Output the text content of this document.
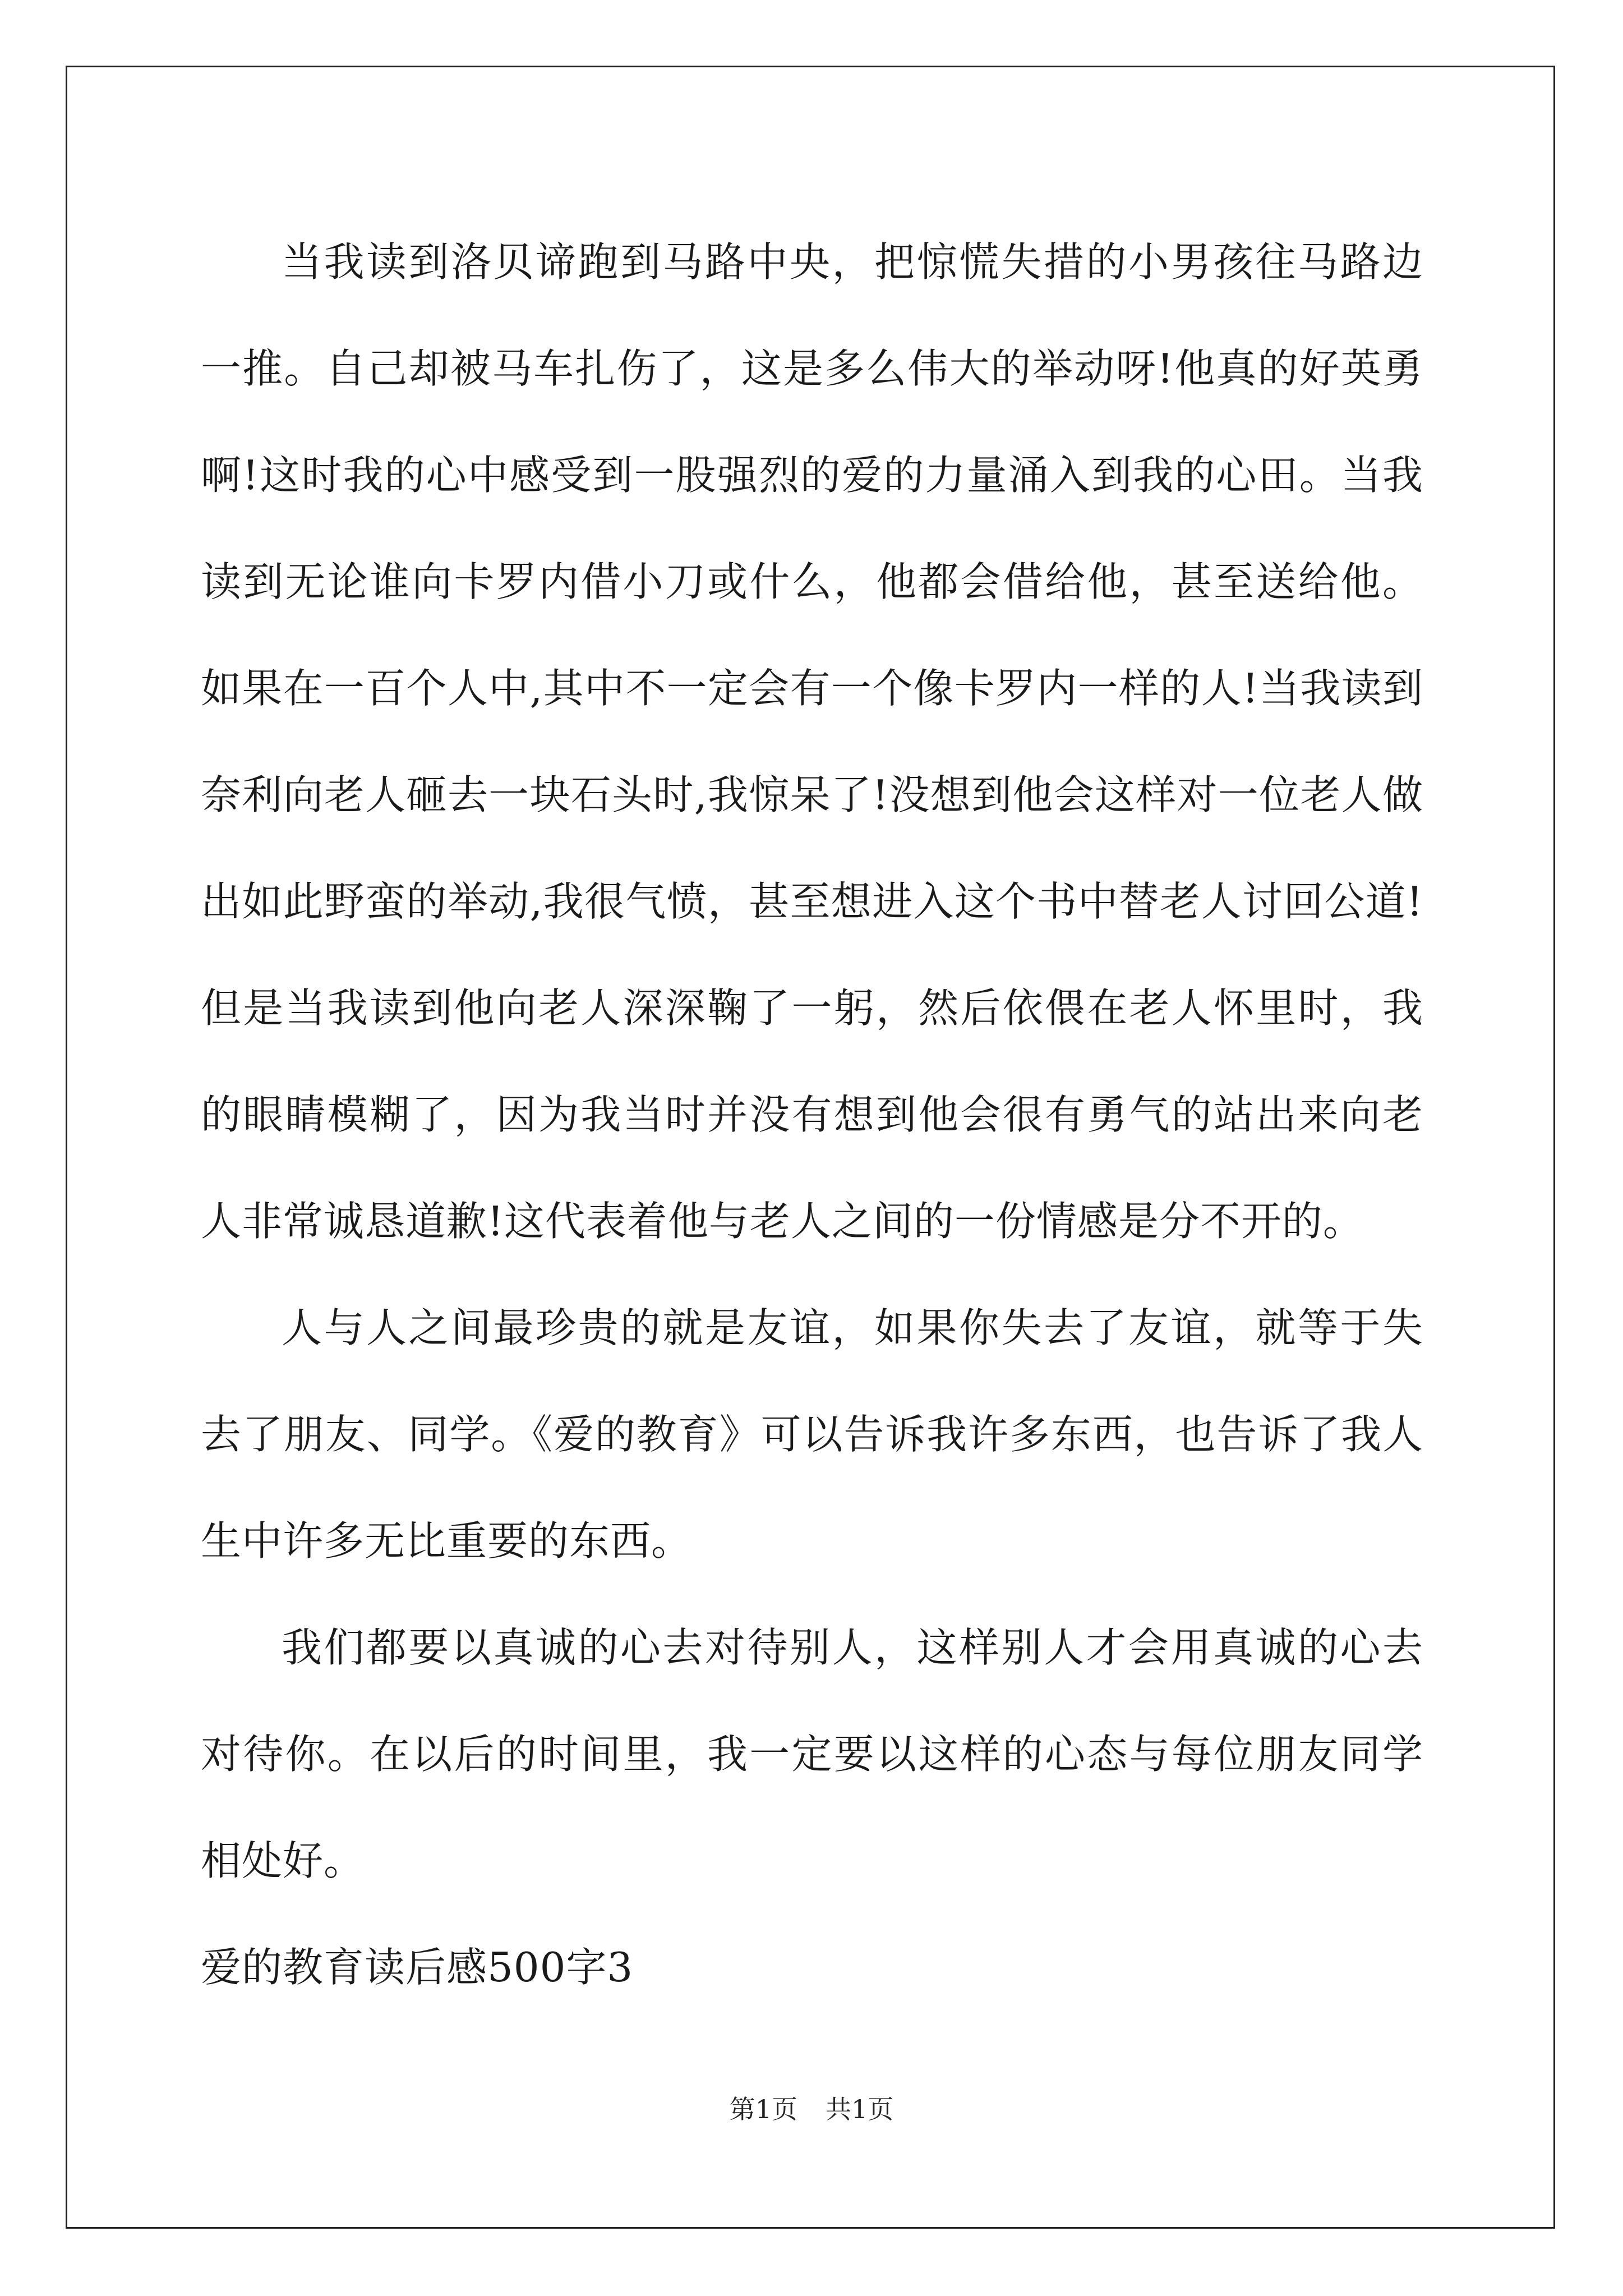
当我读到洛贝谛跑到马路中央，把惊慌失措的小男孩往马路边一推。自己却被马车扎伤了，这是多么伟大的举动呀!他真的好英勇啊!这时我的心中感受到一股强烈的爱的力量涌入到我的心田。当我读到无论谁向卡罗内借小刀或什么，他都会借给他，甚至送给他。如果在一百个人中,其中不一定会有一个像卡罗内一样的人!当我读到奈利向老人砸去一块石头时,我惊呆了!没想到他会这样对一位老人做出如此野蛮的举动,我很气愤，甚至想进入这个书中替老人讨回公道!但是当我读到他向老人深深鞠了一躬，然后依偎在老人怀里时，我的眼睛模糊了，因为我当时并没有想到他会很有勇气的站出来向老人非常诚恳道歉!这代表着他与老人之间的一份情感是分不开的。

人与人之间最珍贵的就是友谊，如果你失去了友谊，就等于失去了朋友、同学。《爱的教育》可以告诉我许多东西，也告诉了我人生中许多无比重要的东西。

我们都要以真诚的心去对待别人，这样别人才会用真诚的心去对待你。在以后的时间里，我一定要以这样的心态与每位朋友同学相处好。

爱的教育读后感500字3

第1页 共1页
